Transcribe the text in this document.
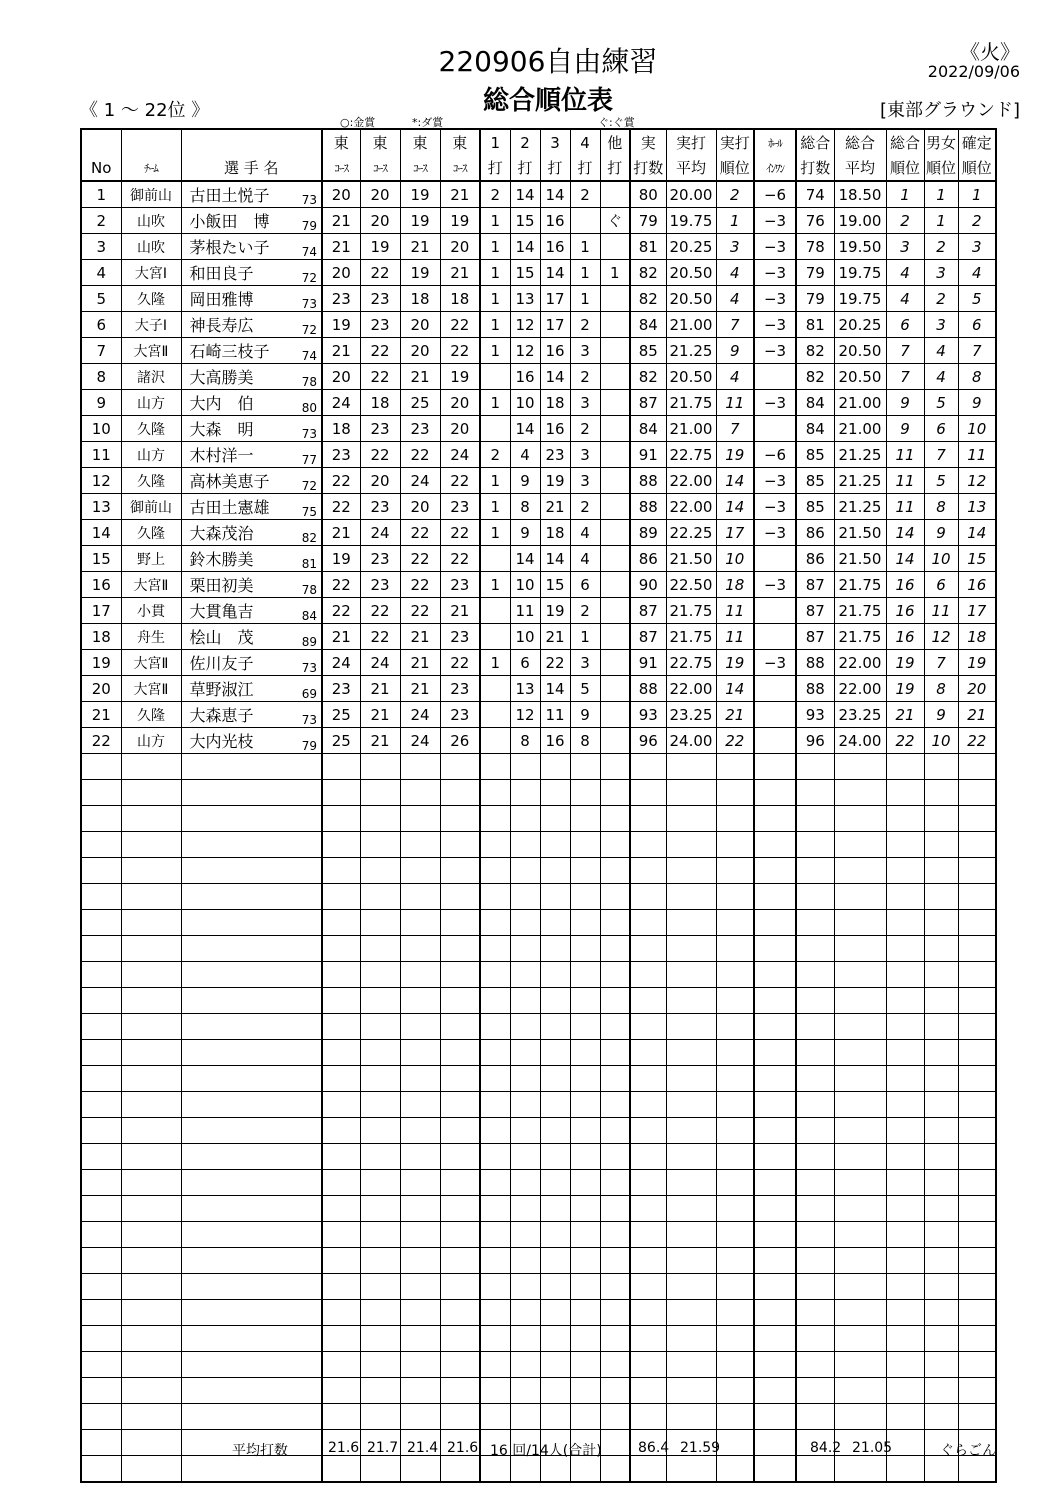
220906自由練習
総合順位表
《火》
2022/09/06
《 1 ～ 22位 》	[東部グラウンド]
○:金賞	*:ダ賞	ぐ:ぐ賞
				東	東	東	東	1	2	3	4	他	実	実打	実打	ﾎｰﾙ	総合	総合	総合	男女	確定
No	ﾁｰﾑ	選 手 名		ｺｰｽ	ｺｰｽ	ｺｰｽ	ｺｰｽ	打	打	打	打	打	打数	平均	順位	ｲﾝﾜﾝ	打数	平均	順位	順位	順位
1	御前山	古田土悦子	73	20	20	19	21	2	14	14	2		80	20.00	2	−6	74	18.50	1	1	1
2	山吹	小飯田　博	79	21	20	19	19	1	15	16		ぐ	79	19.75	1	−3	76	19.00	2	1	2
3	山吹	茅根たい子	74	21	19	21	20	1	14	16	1		81	20.25	3	−3	78	19.50	3	2	3
4	大宮Ⅰ	和田良子	72	20	22	19	21	1	15	14	1	1	82	20.50	4	−3	79	19.75	4	3	4
5	久隆	岡田雅博	73	23	23	18	18	1	13	17	1		82	20.50	4	−3	79	19.75	4	2	5
6	大子Ⅰ	神長寿広	72	19	23	20	22	1	12	17	2		84	21.00	7	−3	81	20.25	6	3	6
7	大宮Ⅱ	石崎三枝子	74	21	22	20	22	1	12	16	3		85	21.25	9	−3	82	20.50	7	4	7
8	諸沢	大高勝美	78	20	22	21	19		16	14	2		82	20.50	4		82	20.50	7	4	8
9	山方	大内　伯	80	24	18	25	20	1	10	18	3		87	21.75	11	−3	84	21.00	9	5	9
10	久隆	大森　明	73	18	23	23	20		14	16	2		84	21.00	7		84	21.00	9	6	10
11	山方	木村洋一	77	23	22	22	24	2	4	23	3		91	22.75	19	−6	85	21.25	11	7	11
12	久隆	高林美恵子	72	22	20	24	22	1	9	19	3		88	22.00	14	−3	85	21.25	11	5	12
13	御前山	古田土憲雄	75	22	23	20	23	1	8	21	2		88	22.00	14	−3	85	21.25	11	8	13
14	久隆	大森茂治	82	21	24	22	22	1	9	18	4		89	22.25	17	−3	86	21.50	14	9	14
15	野上	鈴木勝美	81	19	23	22	22		14	14	4		86	21.50	10		86	21.50	14	10	15
16	大宮Ⅱ	栗田初美	78	22	23	22	23	1	10	15	6		90	22.50	18	−3	87	21.75	16	6	16
17	小貫	大貫亀吉	84	22	22	22	21		11	19	2		87	21.75	11		87	21.75	16	11	17
18	舟生	桧山　茂	89	21	22	21	23		10	21	1		87	21.75	11		87	21.75	16	12	18
19	大宮Ⅱ	佐川友子	73	24	24	21	22	1	6	22	3		91	22.75	19	−3	88	22.00	19	7	19
20	大宮Ⅱ	草野淑江	69	23	21	21	23		13	14	5		88	22.00	14		88	22.00	19	8	20
21	久隆	大森恵子	73	25	21	24	23		12	11	9		93	23.25	21		93	23.25	21	9	21
22	山方	大内光枝	79	25	21	24	26		8	16	8		96	24.00	22		96	24.00	22	10	22

平均打数	21.6 21.7 21.4 21.6 16 回/14人(合計)	86.4 21.59	84.2 21.05	ぐらごん
